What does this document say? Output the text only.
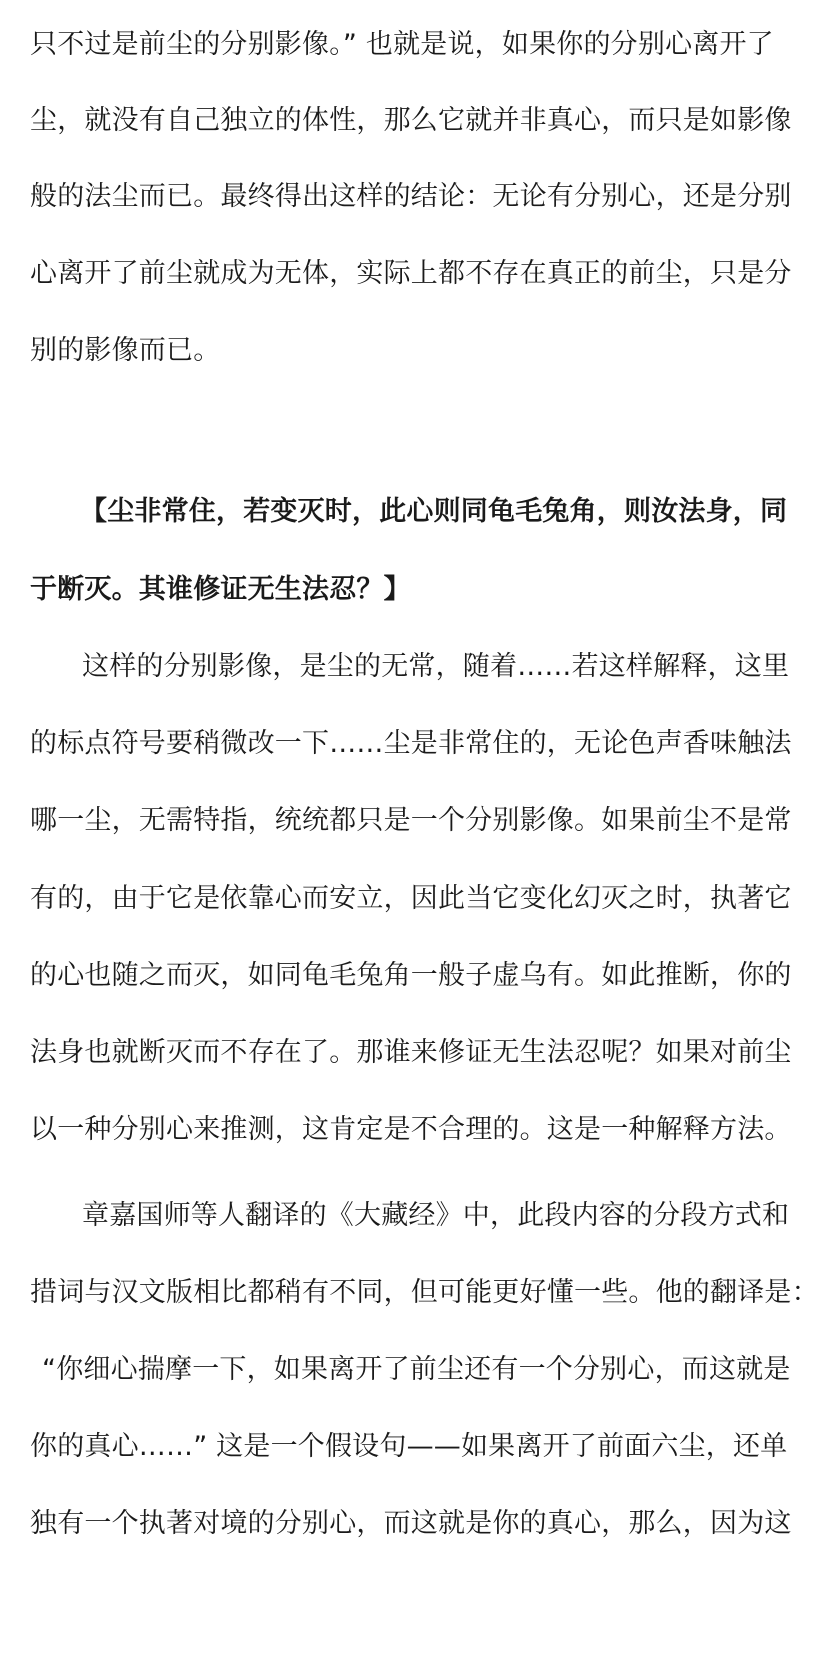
只不过是前尘的分别影像。” 也就是说，如果你的分别心离开了
尘，就没有自己独立的体性，那么它就并非真心，而只是如影像
般的法尘而已。最终得出这样的结论：无论有分别心，还是分别
心离开了前尘就成为无体，实际上都不存在真正的前尘，只是分
别的影像而已。
【尘非常住，若变灭时，此心则同龟毛兔角，则汝法身，同
于断灭。其谁修证无生法忍？】
这样的分别影像，是尘的无常，随着……若这样解释，这里
的标点符号要稍微改一下……尘是非常住的，无论色声香味触法
哪一尘，无需特指，统统都只是一个分别影像。如果前尘不是常
有的，由于它是依靠心而安立，因此当它变化幻灭之时，执著它
的心也随之而灭，如同龟毛兔角一般子虚乌有。如此推断，你的
法身也就断灭而不存在了。那谁来修证无生法忍呢？如果对前尘
以一种分别心来推测，这肯定是不合理的。这是一种解释方法。
章嘉国师等人翻译的《大藏经》中，此段内容的分段方式和
措词与汉文版相比都稍有不同，但可能更好懂一些。他的翻译是：
“你细心揣摩一下，如果离开了前尘还有一个分别心，而这就是
你的真心……” 这是一个假设句——如果离开了前面六尘，还单
独有一个执著对境的分别心，而这就是你的真心，那么，因为这
